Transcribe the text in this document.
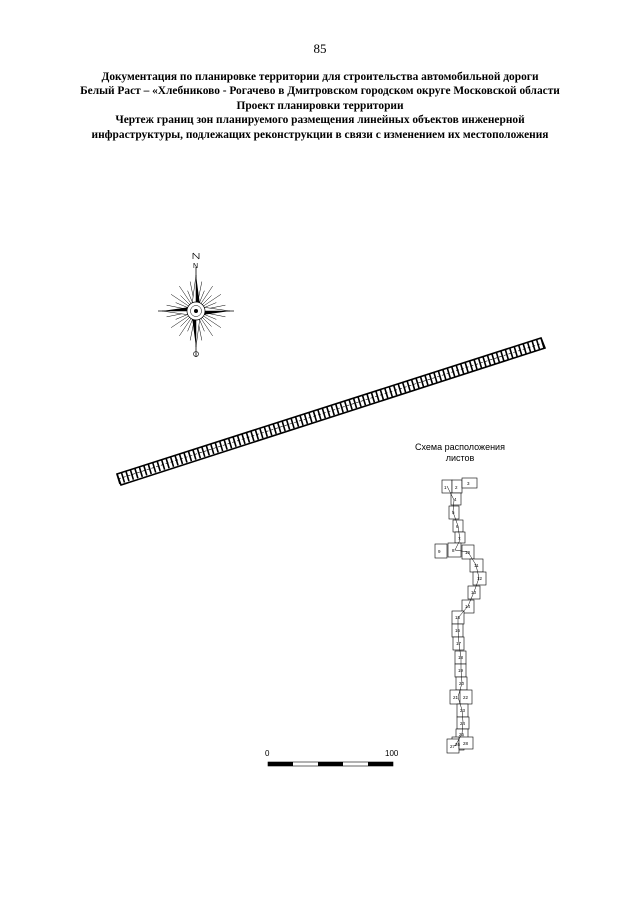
85
Документация по планировке территории для строительства автомобильной дороги
Белый Раст – «Хлебниково - Рогачево в Дмитровском городском округе Московской области
Проект планировки территории
Чертеж границ зон планируемого размещения линейных объектов инженерной
инфраструктуры, подлежащих реконструкции в связи с изменением их местоположения
N
1 2
3
4
5
6
7
8
9	10
11
12
13
14
15
16
17
18
19
20
21 22
23
24
25
26
27
28
Схема расположения
листов
0	100
